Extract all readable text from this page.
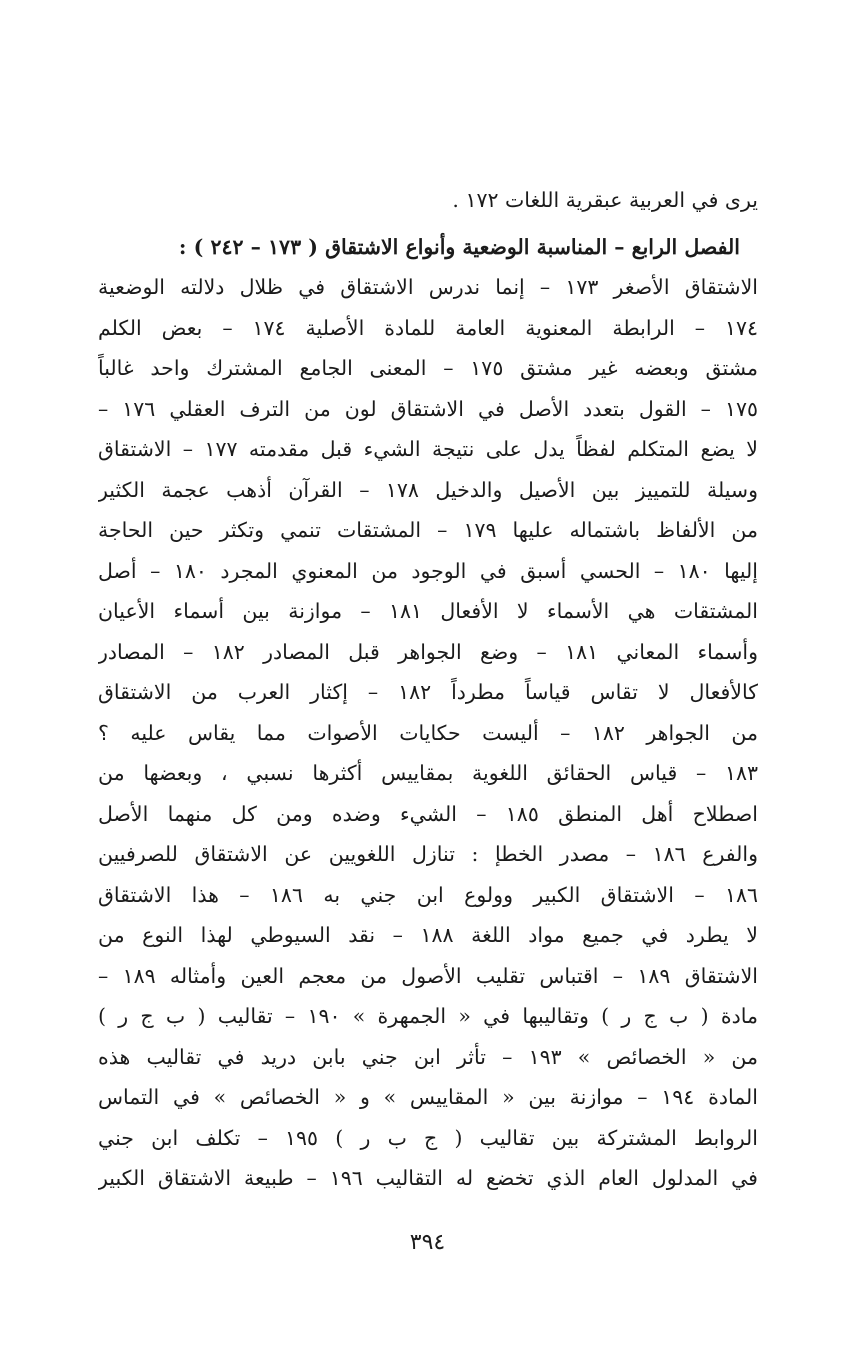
يرى في العربية عبقرية اللغات ١٧٢ .
الفصل الرابع – المناسبة الوضعية وأنواع الاشتقاق ( ١٧٣ – ٢٤٢ ) :
الاشتقاق الأصغر ١٧٣ – إنما ندرس الاشتقاق في ظلال دلالته الوضعية
١٧٤ – الرابطة المعنوية العامة للمادة الأصلية ١٧٤ – بعض الكلم
مشتق وبعضه غير مشتق ١٧٥ – المعنى الجامع المشترك واحد غالباً
١٧٥ – القول بتعدد الأصل في الاشتقاق لون من الترف العقلي ١٧٦ –
لا يضع المتكلم لفظاً يدل على نتيجة الشيء قبل مقدمته ١٧٧ – الاشتقاق
وسيلة للتمييز بين الأصيل والدخيل ١٧٨ – القرآن أذهب عجمة الكثير
من الألفاظ باشتماله عليها ١٧٩ – المشتقات تنمي وتكثر حين الحاجة
إليها ١٨٠ – الحسي أسبق في الوجود من المعنوي المجرد ١٨٠ – أصل
المشتقات هي الأسماء لا الأفعال ١٨١ – موازنة بين أسماء الأعيان
وأسماء المعاني ١٨١ – وضع الجواهر قبل المصادر ١٨٢ – المصادر
كالأفعال لا تقاس قياساً مطرداً ١٨٢ – إكثار العرب من الاشتقاق
من الجواهر ١٨٢ – أليست حكايات الأصوات مما يقاس عليه ؟
١٨٣ – قياس الحقائق اللغوية بمقاييس أكثرها نسبي ، وبعضها من
اصطلاح أهل المنطق ١٨٥ – الشيء وضده ومن كل منهما الأصل
والفرع ١٨٦ – مصدر الخطإ : تنازل اللغويين عن الاشتقاق للصرفيين
١٨٦ – الاشتقاق الكبير وولوع ابن جني به ١٨٦ – هذا الاشتقاق
لا يطرد في جميع مواد اللغة ١٨٨ – نقد السيوطي لهذا النوع من
الاشتقاق ١٨٩ – اقتباس تقليب الأصول من معجم العين وأمثاله ١٨٩ –
مادة ( ب ج ر ) وتقاليبها في « الجمهرة » ١٩٠ – تقاليب ( ب ج ر )
من « الخصائص » ١٩٣ – تأثر ابن جني بابن دريد في تقاليب هذه
المادة ١٩٤ – موازنة بين « المقاييس » و « الخصائص » في التماس
الروابط المشتركة بين تقاليب ( ج ب ر ) ١٩٥ – تكلف ابن جني
في المدلول العام الذي تخضع له التقاليب ١٩٦ – طبيعة الاشتقاق الكبير
٣٩٤
